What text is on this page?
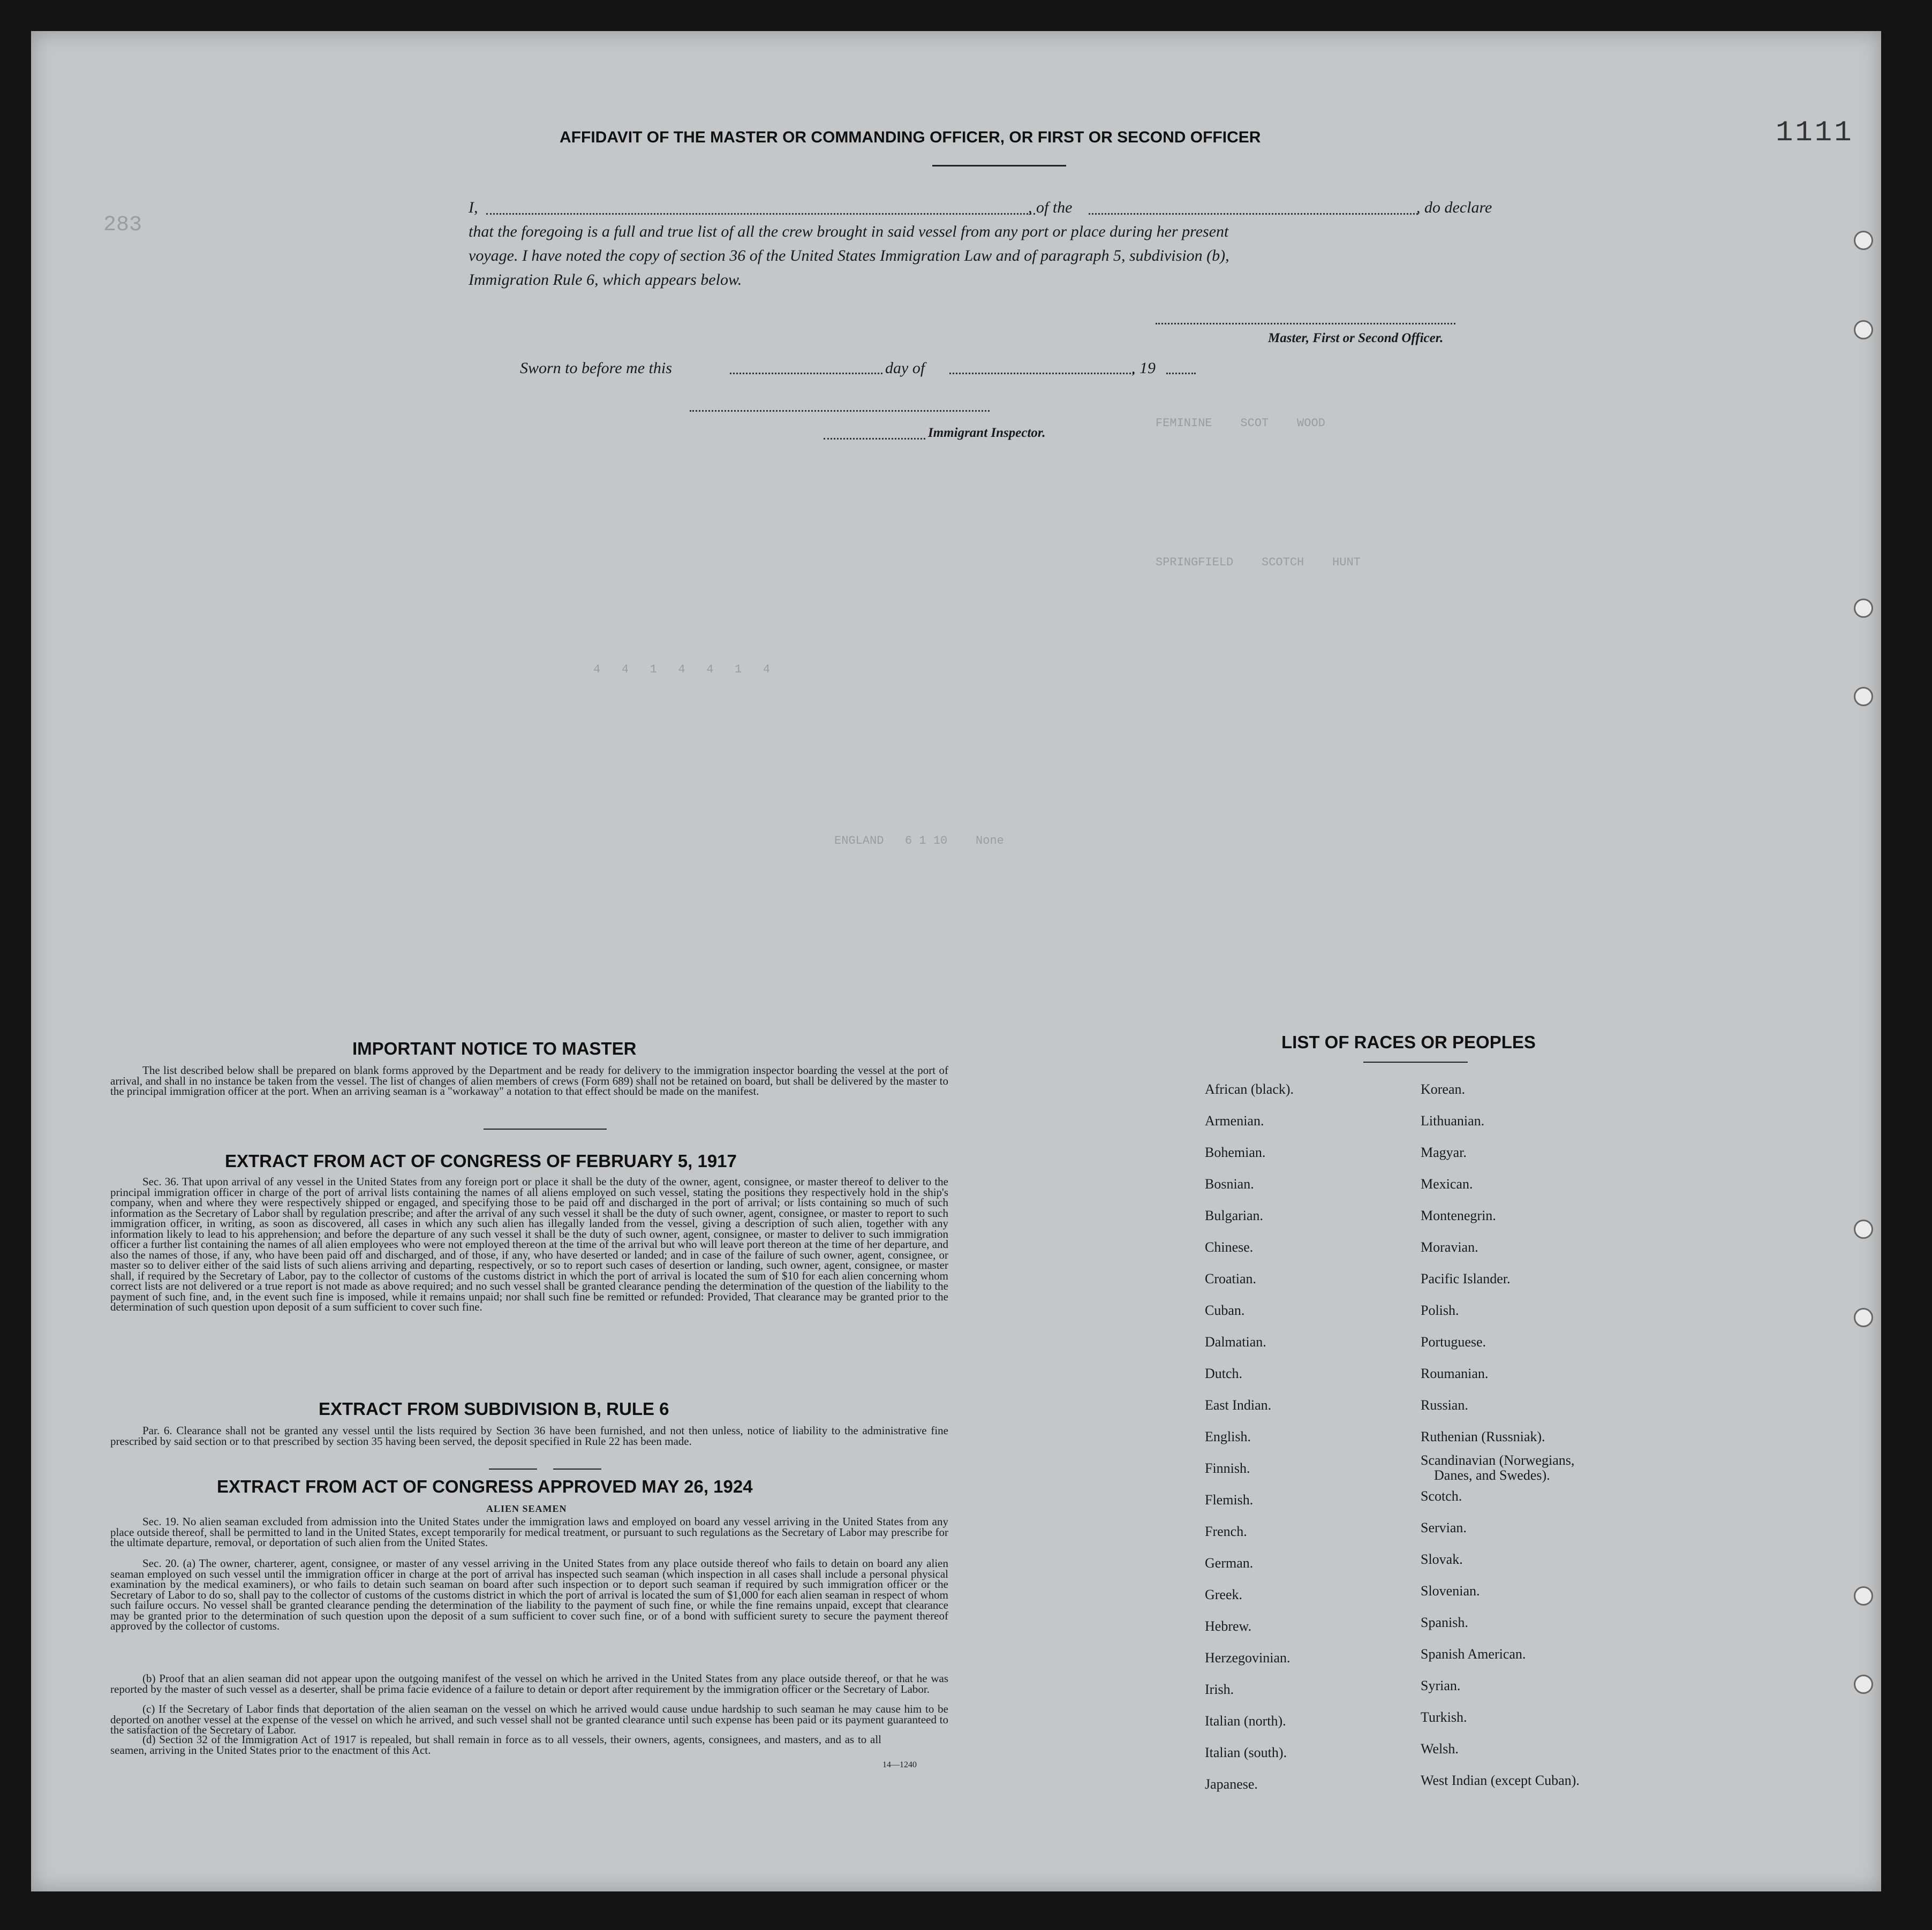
FEMININE    SCOT    WOOD
SPRINGFIELD    SCOTCH    HUNT
4   4   1   4   4   1   4
ENGLAND   6 1 10    None
283
1111
AFFIDAVIT OF THE MASTER OR COMMANDING OFFICER, OR FIRST OR SECOND OFFICER
I,	, of the	, do declare
that the foregoing is a full and true list of all the crew brought in said vessel from any port or place during her present
voyage. I have noted the copy of section 36 of the United States Immigration Law and of paragraph 5, subdivision (b),
Immigration Rule 6, which appears below.
Master, First or Second Officer.
Sworn to before me this	day of	, 19
Immigrant Inspector.
IMPORTANT NOTICE TO MASTER
The list described below shall be prepared on blank forms approved by the Department and be ready for delivery to the immigration inspector boarding the vessel at the port of arrival, and shall in no instance be taken from the vessel. The list of changes of alien members of crews (Form 689) shall not be retained on board, but shall be delivered by the master to the principal immigration officer at the port. When an arriving seaman is a "workaway" a notation to that effect should be made on the manifest.
EXTRACT FROM ACT OF CONGRESS OF FEBRUARY 5, 1917
Sec. 36. That upon arrival of any vessel in the United States from any foreign port or place it shall be the duty of the owner, agent, consignee, or master thereof to deliver to the principal immigration officer in charge of the port of arrival lists containing the names of all aliens employed on such vessel, stating the positions they respectively hold in the ship's company, when and where they were respectively shipped or engaged, and specifying those to be paid off and discharged in the port of arrival; or lists containing so much of such information as the Secretary of Labor shall by regulation prescribe; and after the arrival of any such vessel it shall be the duty of such owner, agent, consignee, or master to report to such immigration officer, in writing, as soon as discovered, all cases in which any such alien has illegally landed from the vessel, giving a description of such alien, together with any information likely to lead to his apprehension; and before the departure of any such vessel it shall be the duty of such owner, agent, consignee, or master to deliver to such immigration officer a further list containing the names of all alien employees who were not employed thereon at the time of the arrival but who will leave port thereon at the time of her departure, and also the names of those, if any, who have been paid off and discharged, and of those, if any, who have deserted or landed; and in case of the failure of such owner, agent, consignee, or master so to deliver either of the said lists of such aliens arriving and departing, respectively, or so to report such cases of desertion or landing, such owner, agent, consignee, or master shall, if required by the Secretary of Labor, pay to the collector of customs of the customs district in which the port of arrival is located the sum of $10 for each alien concerning whom correct lists are not delivered or a true report is not made as above required; and no such vessel shall be granted clearance pending the determination of the question of the liability to the payment of such fine, and, in the event such fine is imposed, while it remains unpaid; nor shall such fine be remitted or refunded: Provided, That clearance may be granted prior to the determination of such question upon deposit of a sum sufficient to cover such fine.
EXTRACT FROM SUBDIVISION B, RULE 6
Par. 6. Clearance shall not be granted any vessel until the lists required by Section 36 have been furnished, and not then unless, notice of liability to the administrative fine prescribed by said section or to that prescribed by section 35 having been served, the deposit specified in Rule 22 has been made.
EXTRACT FROM ACT OF CONGRESS APPROVED MAY 26, 1924
ALIEN SEAMEN
Sec. 19. No alien seaman excluded from admission into the United States under the immigration laws and employed on board any vessel arriving in the United States from any place outside thereof, shall be permitted to land in the United States, except temporarily for medical treatment, or pursuant to such regulations as the Secretary of Labor may prescribe for the ultimate departure, removal, or deportation of such alien from the United States.
Sec. 20. (a) The owner, charterer, agent, consignee, or master of any vessel arriving in the United States from any place outside thereof who fails to detain on board any alien seaman employed on such vessel until the immigration officer in charge at the port of arrival has inspected such seaman (which inspection in all cases shall include a personal physical examination by the medical examiners), or who fails to detain such seaman on board after such inspection or to deport such seaman if required by such immigration officer or the Secretary of Labor to do so, shall pay to the collector of customs of the customs district in which the port of arrival is located the sum of $1,000 for each alien seaman in respect of whom such failure occurs. No vessel shall be granted clearance pending the determination of the liability to the payment of such fine, or while the fine remains unpaid, except that clearance may be granted prior to the determination of such question upon the deposit of a sum sufficient to cover such fine, or of a bond with sufficient surety to secure the payment thereof approved by the collector of customs.
(b) Proof that an alien seaman did not appear upon the outgoing manifest of the vessel on which he arrived in the United States from any place outside thereof, or that he was reported by the master of such vessel as a deserter, shall be prima facie evidence of a failure to detain or deport after requirement by the immigration officer or the Secretary of Labor.
(c) If the Secretary of Labor finds that deportation of the alien seaman on the vessel on which he arrived would cause undue hardship to such seaman he may cause him to be deported on another vessel at the expense of the vessel on which he arrived, and such vessel shall not be granted clearance until such expense has been paid or its payment guaranteed to the satisfaction of the Secretary of Labor.
(d) Section 32 of the Immigration Act of 1917 is repealed, but shall remain in force as to all vessels, their owners, agents, consignees, and masters, and as to all seamen, arriving in the United States prior to the enactment of this Act.
14—1240
LIST OF RACES OR PEOPLES
African (black).
Armenian.
Bohemian.
Bosnian.
Bulgarian.
Chinese.
Croatian.
Cuban.
Dalmatian.
Dutch.
East Indian.
English.
Finnish.
Flemish.
French.
German.
Greek.
Hebrew.
Herzegovinian.
Irish.
Italian (north).
Italian (south).
Japanese.
Korean.
Lithuanian.
Magyar.
Mexican.
Montenegrin.
Moravian.
Pacific Islander.
Polish.
Portuguese.
Roumanian.
Russian.
Ruthenian (Russniak).
Scandinavian (Norwegians,
Danes, and Swedes).
Scotch.
Servian.
Slovak.
Slovenian.
Spanish.
Spanish American.
Syrian.
Turkish.
Welsh.
West Indian (except Cuban).
